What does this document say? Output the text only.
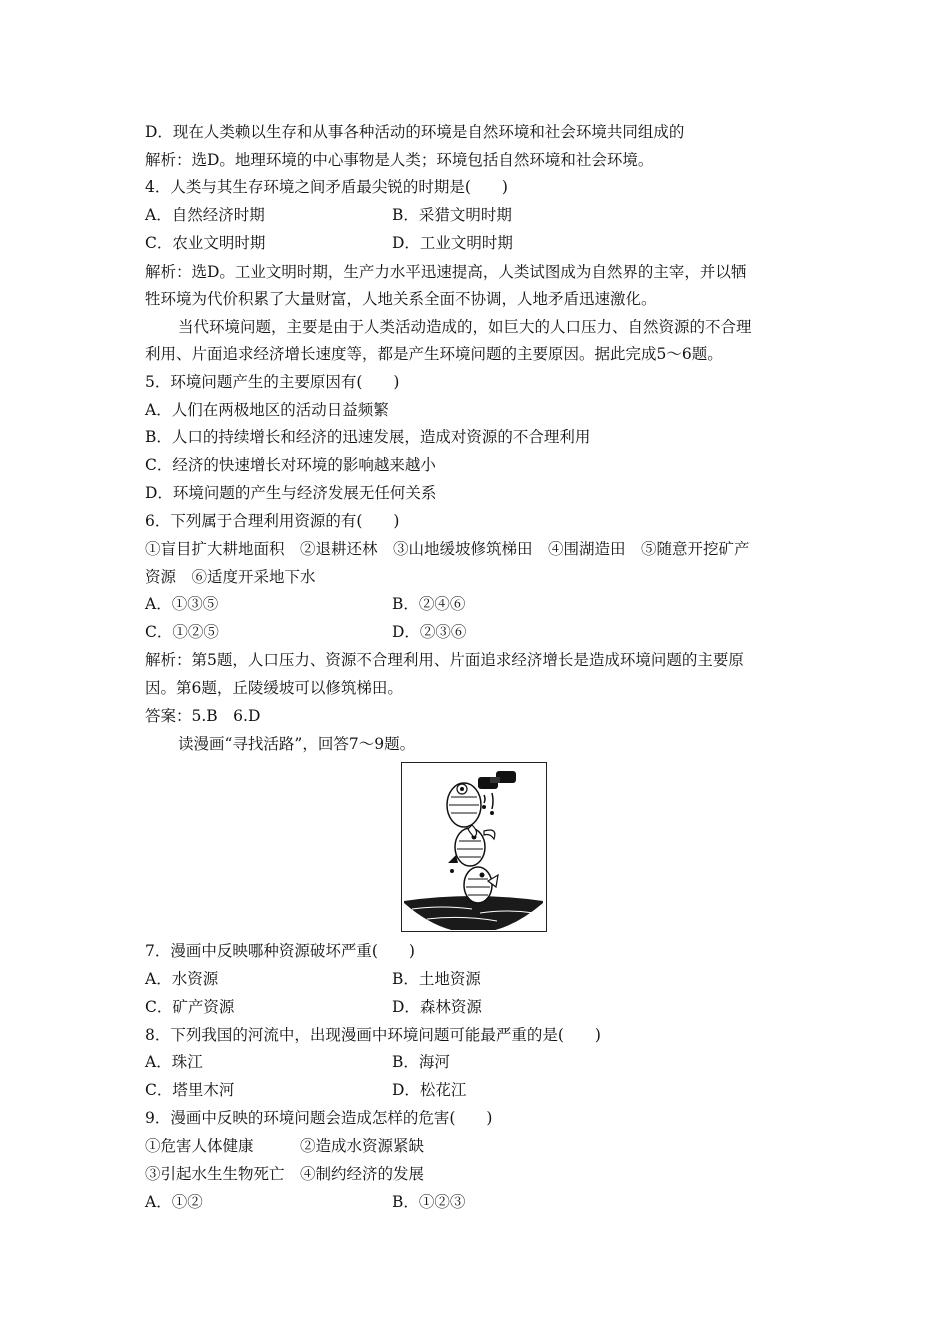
D．现在人类赖以生存和从事各种活动的环境是自然环境和社会环境共同组成的
解析：选D。地理环境的中心事物是人类；环境包括自然环境和社会环境。
4．人类与其生存环境之间矛盾最尖锐的时期是(　　)
A．自然经济时期	B．采猎文明时期
C．农业文明时期	D．工业文明时期
解析：选D。工业文明时期，生产力水平迅速提高，人类试图成为自然界的主宰，并以牺
牲环境为代价积累了大量财富，人地关系全面不协调，人地矛盾迅速激化。
当代环境问题，主要是由于人类活动造成的，如巨大的人口压力、自然资源的不合理
利用、片面追求经济增长速度等，都是产生环境问题的主要原因。据此完成5～6题。
5．环境问题产生的主要原因有(　　)
A．人们在两极地区的活动日益频繁
B．人口的持续增长和经济的迅速发展，造成对资源的不合理利用
C．经济的快速增长对环境的影响越来越小
D．环境问题的产生与经济发展无任何关系
6．下列属于合理利用资源的有(　　)
①盲目扩大耕地面积　②退耕还林　③山地缓坡修筑梯田　④围湖造田　⑤随意开挖矿产
资源　⑥适度开采地下水
A．①③⑤	B．②④⑥
C．①②⑤	D．②③⑥
解析：第5题，人口压力、资源不合理利用、片面追求经济增长是造成环境问题的主要原
因。第6题，丘陵缓坡可以修筑梯田。
答案：5.B　6.D
读漫画“寻找活路”，回答7～9题。
7．漫画中反映哪种资源破坏严重(　　)
A．水资源	B．土地资源
C．矿产资源	D．森林资源
8．下列我国的河流中，出现漫画中环境问题可能最严重的是(　　)
A．珠江	B．海河
C．塔里木河	D．松花江
9．漫画中反映的环境问题会造成怎样的危害(　　)
①危害人体健康　　　②造成水资源紧缺
③引起水生生物死亡　④制约经济的发展
A．①②	B．①②③
